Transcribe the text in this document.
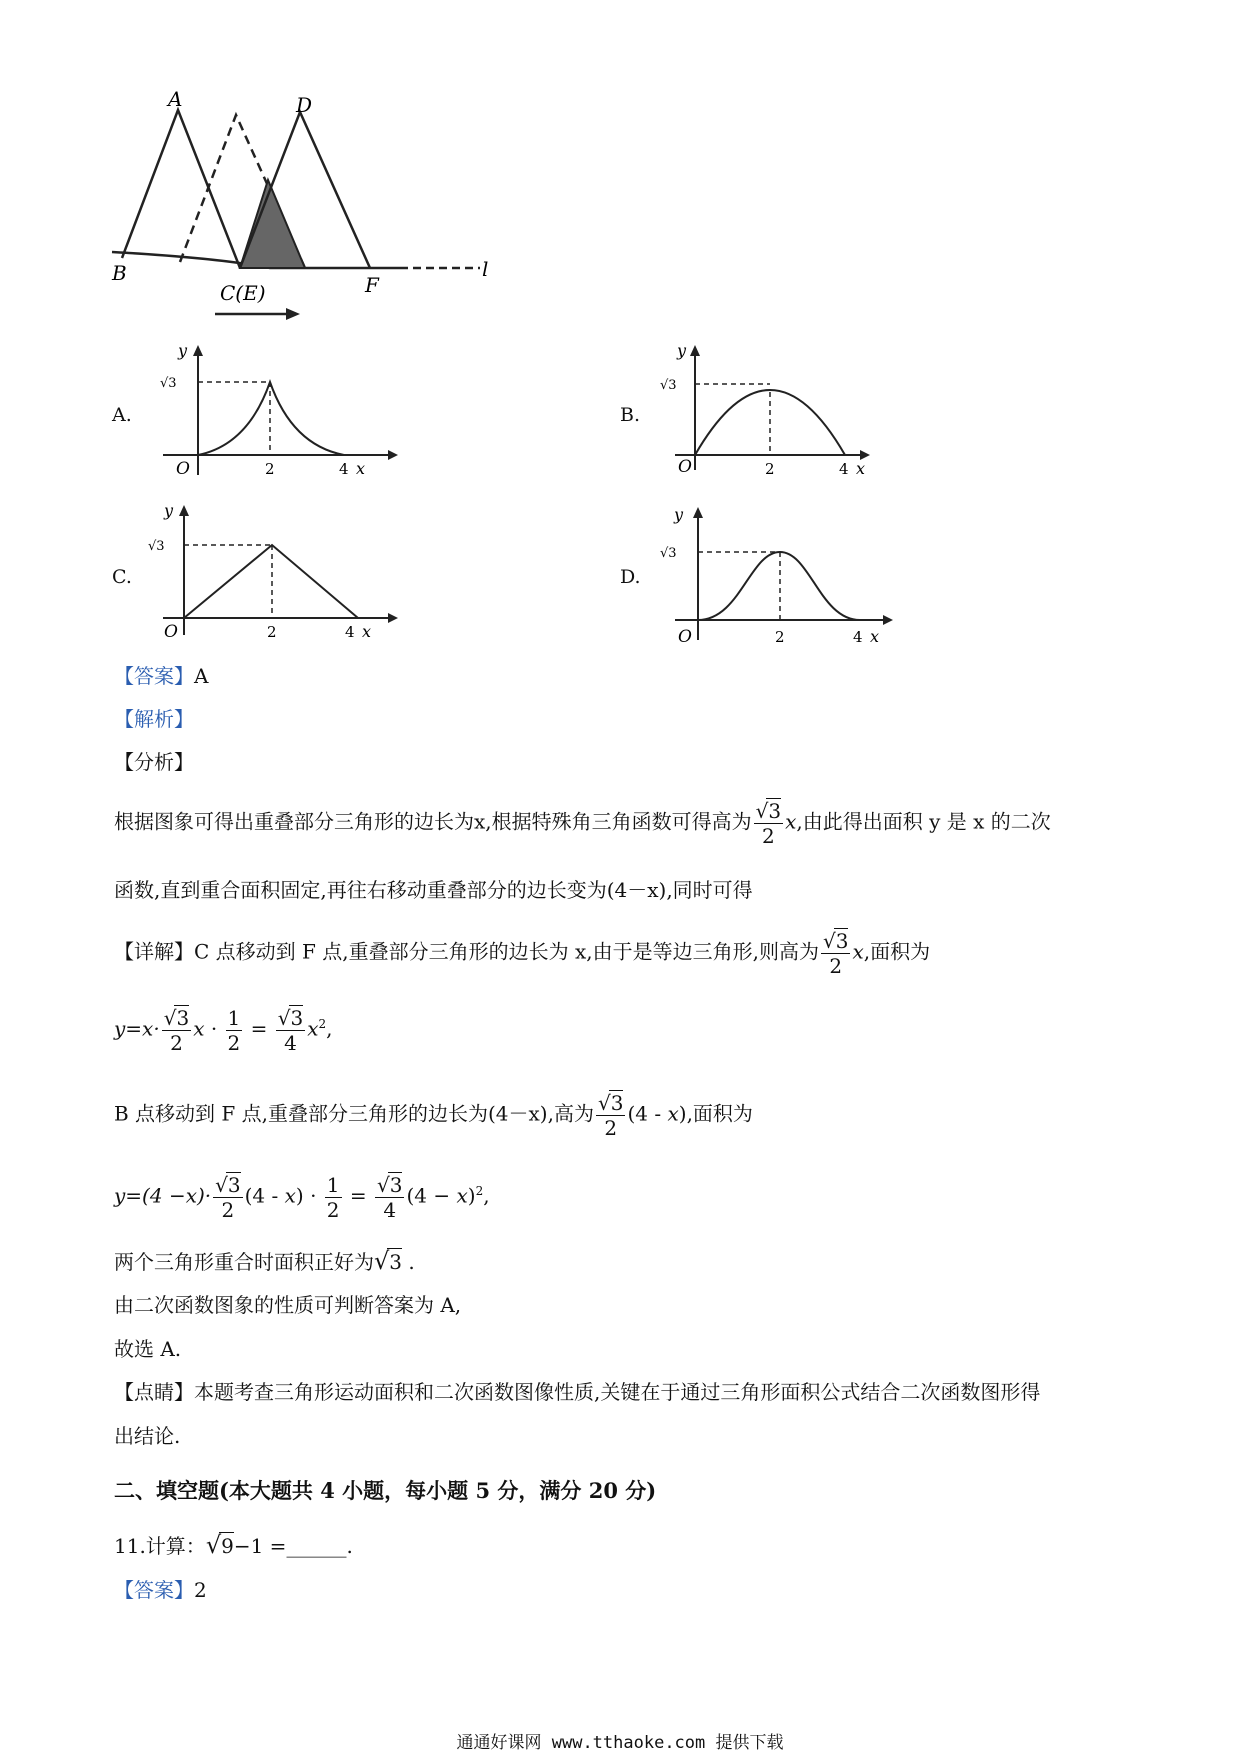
A	D
B
C(E)	F
l
A.
y
√3
O	2	4 x
B.
y
√3
O	2	4 x
C.
y
√3
O	2	4 x
D.
y
√3
O	2	4 x
【答案】A
【解析】
【分析】
根据图象可得出重叠部分三角形的边长为x,根据特殊角三角函数可得高为 $\frac{√3}{2} x$,由此得出面积 y 是 x 的二次
函数,直到重合面积固定,再往右移动重叠部分的边长变为(4－x),同时可得
【详解】C 点移动到 F 点,重叠部分三角形的边长为 x,由于是等边三角形,则高为 $\frac{√3}{2} x$,面积为
$y=x\cdot \frac{√3}{2}$ $x \cdot \frac{1}{2} = \frac{√3}{4} x^2$,
B 点移动到 F 点,重叠部分三角形的边长为(4－x),高为 $\frac{√3}{2} (4 - x)$,面积为
$y=(4 -x)\cdot \frac{√3}{2} (4 - x) \cdot \frac{1}{2} = \frac{√3}{4} (4 - x)^2$,
两个三角形重合时面积正好为√3 .
由二次函数图象的性质可判断答案为 A,
故选 A.
【点睛】本题考查三角形运动面积和二次函数图像性质,关键在于通过三角形面积公式结合二次函数图形得
出结论.
二、填空题(本大题共 4 小题，每小题 5 分，满分 20 分)
11.计算：√9−1 =______.
【答案】2
通通好课网 www.tthaoke.com 提供下载
